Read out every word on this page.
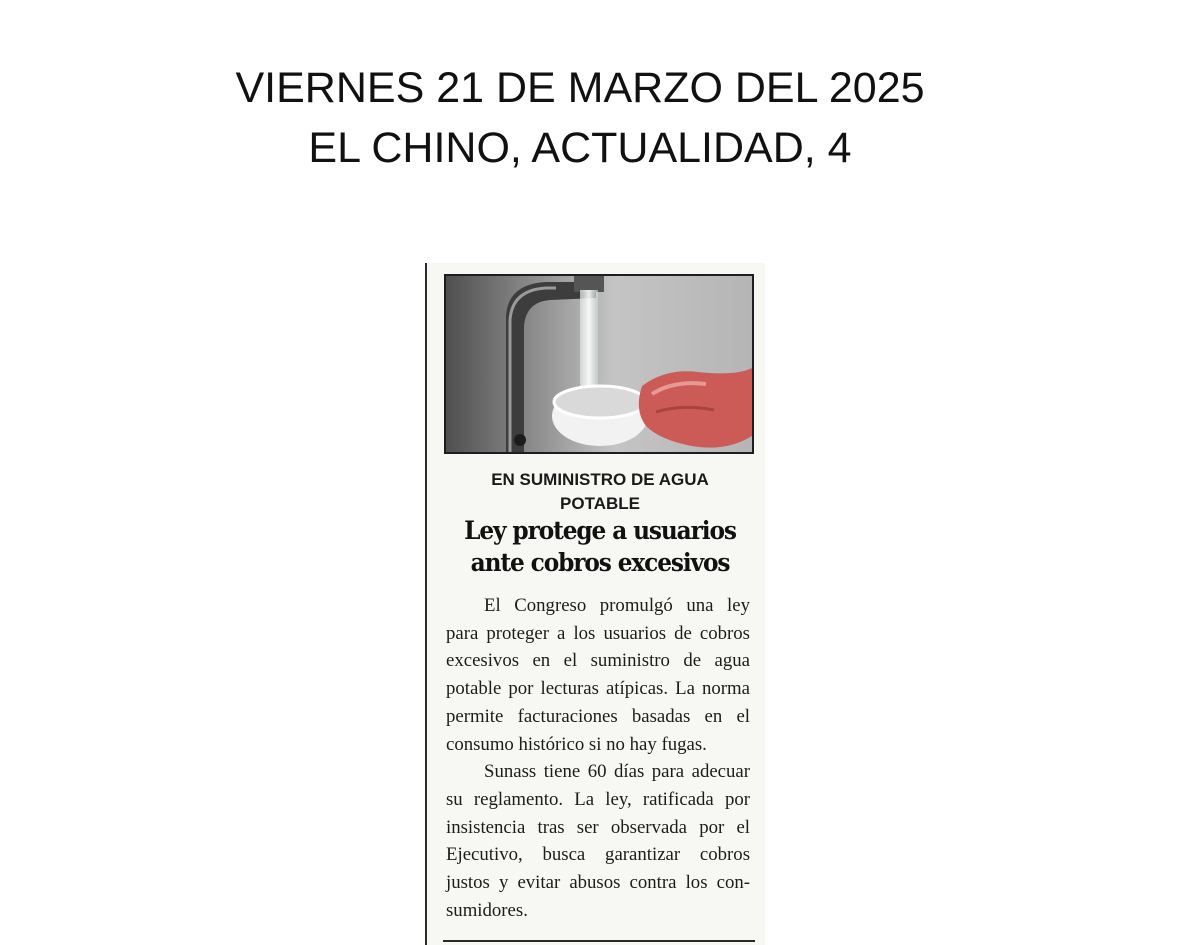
VIERNES 21 DE MARZO DEL 2025
EL CHINO, ACTUALIDAD, 4
EN SUMINISTRO DE AGUA POTABLE
Ley protege a usuarios ante cobros excesivos

El Congreso promulgó una ley para proteger a los usuarios de cobros excesivos en el suministro de agua potable por lecturas atípicas. La norma permite facturaciones basadas en el consumo histórico si no hay fugas.

Sunass tiene 60 días para adecuar su reglamento. La ley, ratificada por insistencia tras ser observada por el Ejecutivo, busca garantizar cobros justos y evitar abusos contra los con-sumidores.
